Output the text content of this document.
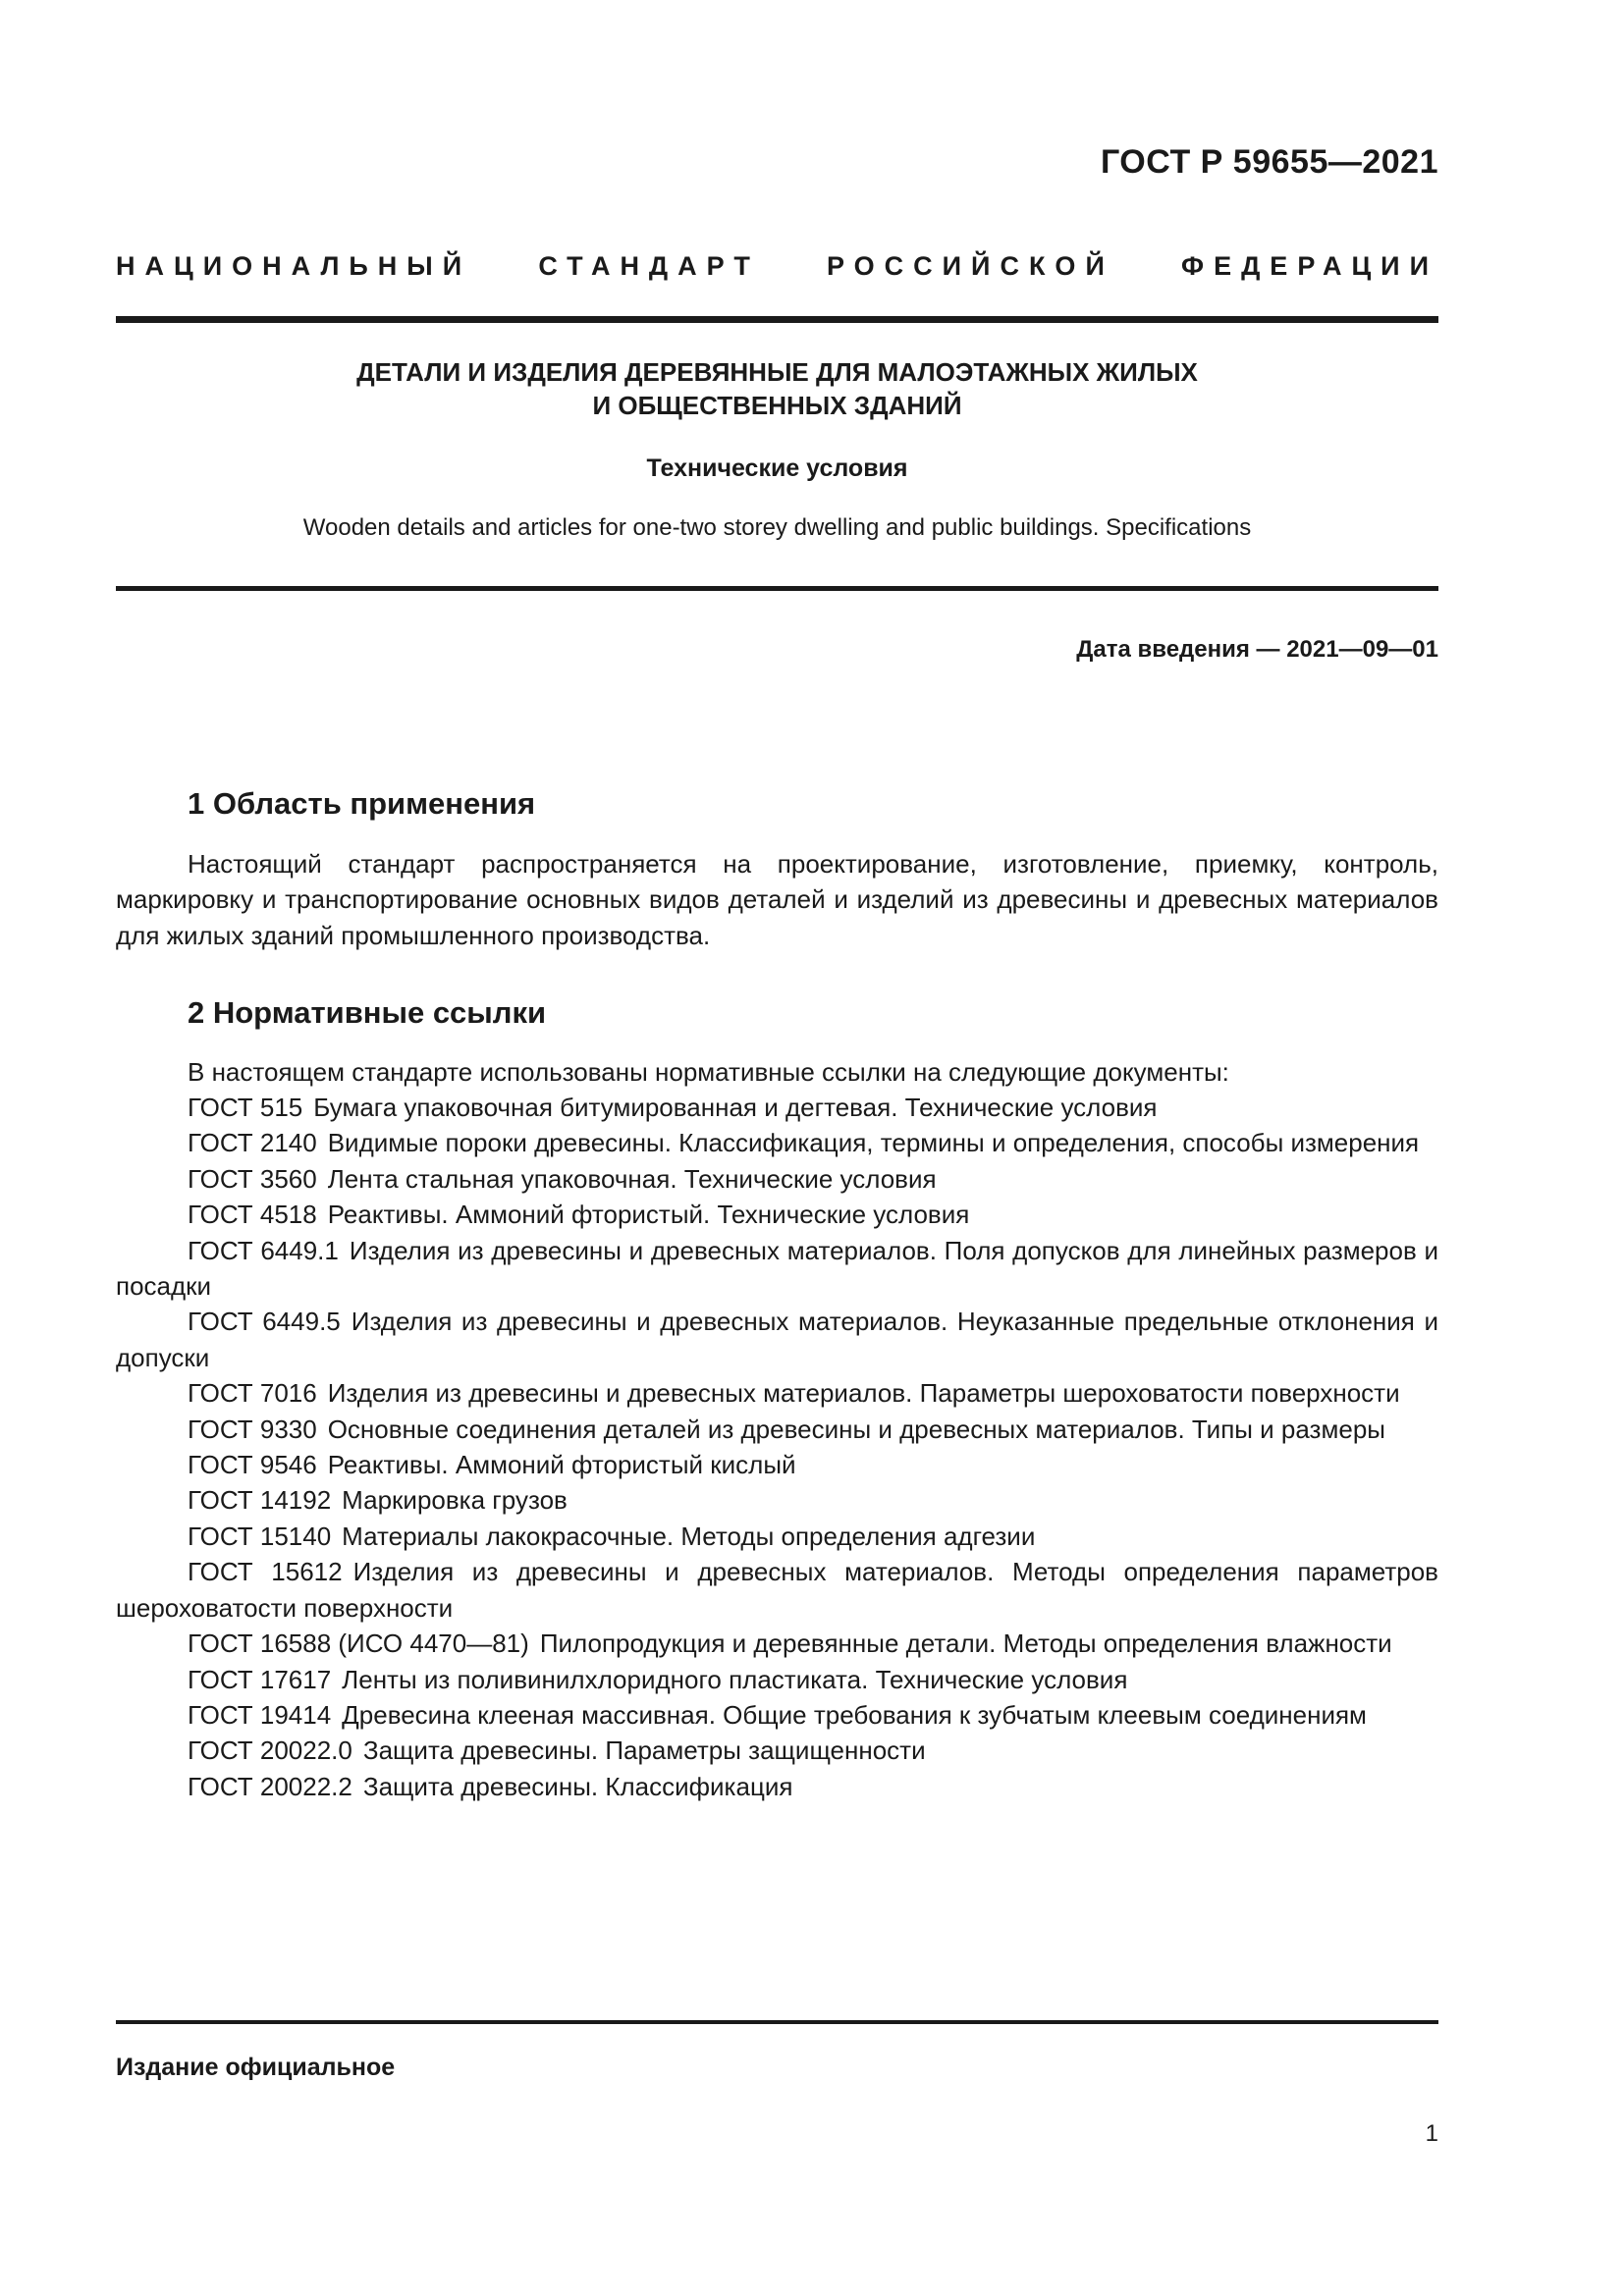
ГОСТ Р 59655—2021

НАЦИОНАЛЬНЫЙ СТАНДАРТ РОССИЙСКОЙ ФЕДЕРАЦИИ

ДЕТАЛИ И ИЗДЕЛИЯ ДЕРЕВЯННЫЕ ДЛЯ МАЛОЭТАЖНЫХ ЖИЛЫХ
И ОБЩЕСТВЕННЫХ ЗДАНИЙ

Технические условия

Wooden details and articles for one-two storey dwelling and public buildings. Specifications

Дата введения — 2021—09—01

1 Область применения

Настоящий стандарт распространяется на проектирование, изготовление, приемку, контроль, маркировку и транспортирование основных видов деталей и изделий из древесины и древесных материалов для жилых зданий промышленного производства.

2 Нормативные ссылки

В настоящем стандарте использованы нормативные ссылки на следующие документы:

ГОСТ 515 Бумага упаковочная битумированная и дегтевая. Технические условия
ГОСТ 2140 Видимые пороки древесины. Классификация, термины и определения, способы измерения
ГОСТ 3560 Лента стальная упаковочная. Технические условия
ГОСТ 4518 Реактивы. Аммоний фтористый. Технические условия
ГОСТ 6449.1 Изделия из древесины и древесных материалов. Поля допусков для линейных размеров и посадки
ГОСТ 6449.5 Изделия из древесины и древесных материалов. Неуказанные предельные отклонения и допуски
ГОСТ 7016 Изделия из древесины и древесных материалов. Параметры шероховатости поверхности
ГОСТ 9330 Основные соединения деталей из древесины и древесных материалов. Типы и размеры
ГОСТ 9546 Реактивы. Аммоний фтористый кислый
ГОСТ 14192 Маркировка грузов
ГОСТ 15140 Материалы лакокрасочные. Методы определения адгезии
ГОСТ 15612 Изделия из древесины и древесных материалов. Методы определения параметров шероховатости поверхности
ГОСТ 16588 (ИСО 4470—81) Пилопродукция и деревянные детали. Методы определения влажности
ГОСТ 17617 Ленты из поливинилхлоридного пластиката. Технические условия
ГОСТ 19414 Древесина клееная массивная. Общие требования к зубчатым клеевым соединениям
ГОСТ 20022.0 Защита древесины. Параметры защищенности
ГОСТ 20022.2 Защита древесины. Классификация

Издание официальное

1
